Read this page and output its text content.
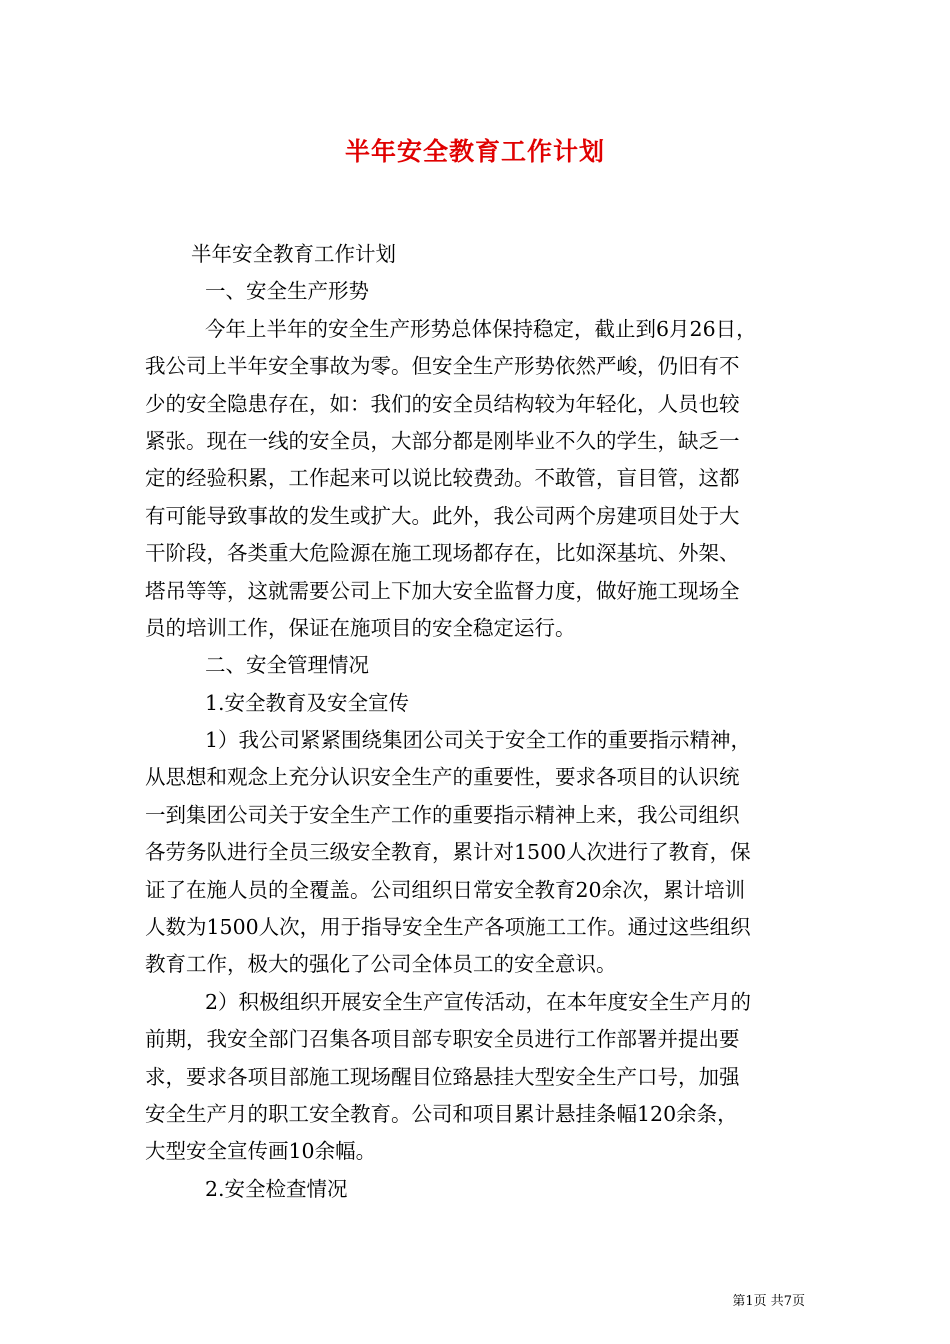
半年安全教育工作计划
半年安全教育工作计划
一、安全生产形势
今年上半年的安全生产形势总体保持稳定，截止到6月26日，
我公司上半年安全事故为零。但安全生产形势依然严峻，仍旧有不
少的安全隐患存在，如：我们的安全员结构较为年轻化，人员也较
紧张。现在一线的安全员，大部分都是刚毕业不久的学生，缺乏一
定的经验积累，工作起来可以说比较费劲。不敢管，盲目管，这都
有可能导致事故的发生或扩大。此外，我公司两个房建项目处于大
干阶段，各类重大危险源在施工现场都存在，比如深基坑、外架、
塔吊等等，这就需要公司上下加大安全监督力度，做好施工现场全
员的培训工作，保证在施项目的安全稳定运行。
二、安全管理情况
1.安全教育及安全宣传
1）我公司紧紧围绕集团公司关于安全工作的重要指示精神，
从思想和观念上充分认识安全生产的重要性，要求各项目的认识统
一到集团公司关于安全生产工作的重要指示精神上来，我公司组织
各劳务队进行全员三级安全教育，累计对1500人次进行了教育，保
证了在施人员的全覆盖。公司组织日常安全教育20余次，累计培训
人数为1500人次，用于指导安全生产各项施工工作。通过这些组织
教育工作，极大的强化了公司全体员工的安全意识。
2）积极组织开展安全生产宣传活动，在本年度安全生产月的
前期，我安全部门召集各项目部专职安全员进行工作部署并提出要
求，要求各项目部施工现场醒目位臵悬挂大型安全生产口号，加强
安全生产月的职工安全教育。公司和项目累计悬挂条幅120余条，
大型安全宣传画10余幅。
2.安全检查情况
第1页 共7页
